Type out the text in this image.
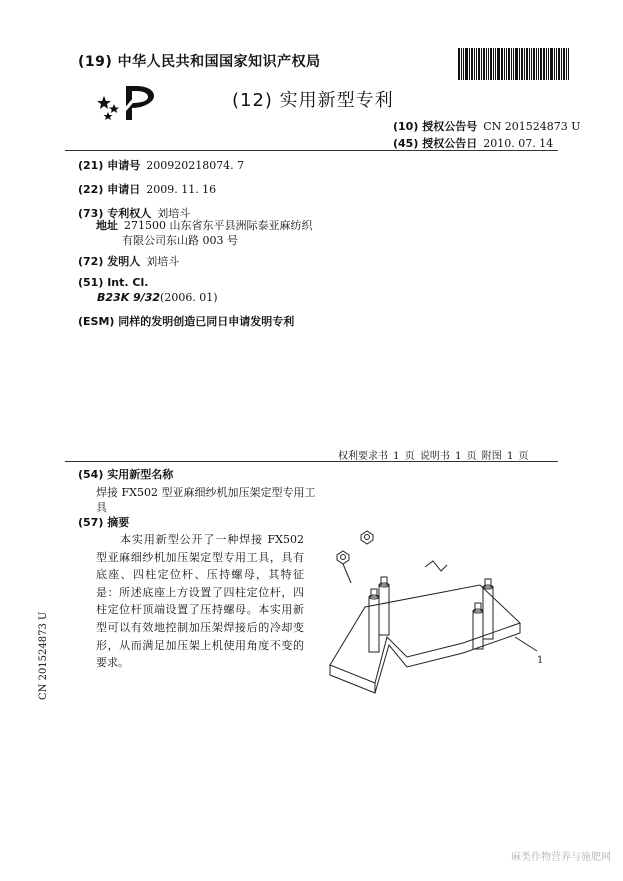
(19) 中华人民共和国国家知识产权局
(12) 实用新型专利
(10) 授权公告号 CN 201524873 U
(45) 授权公告日 2010. 07. 14
(21) 申请号 200920218074. 7
(22) 申请日 2009. 11. 16
(73) 专利权人 刘培斗
地址 271500 山东省东平县洲际泰亚麻纺织
有限公司东山路 003 号
(72) 发明人 刘培斗
(51) Int. Cl.
B23K 9/32(2006. 01)
(ESM) 同样的发明创造已同日申请发明专利
权利要求书 1 页 说明书 1 页 附图 1 页
(54) 实用新型名称
焊接 FX502 型亚麻细纱机加压架定型专用工
具
(57) 摘要
本实用新型公开了一种焊接 FX502 型亚麻细纱机加压架定型专用工具，具有底座、四柱定位杆、压持螺母，其特征是：所述底座上方设置了四柱定位杆，四柱定位杆顶端设置了压持螺母。本实用新型可以有效地控制加压架焊接后的冷却变形，从而满足加压架上机使用角度不变的要求。	1
CN 201524873 U
麻类作物营养与施肥网
